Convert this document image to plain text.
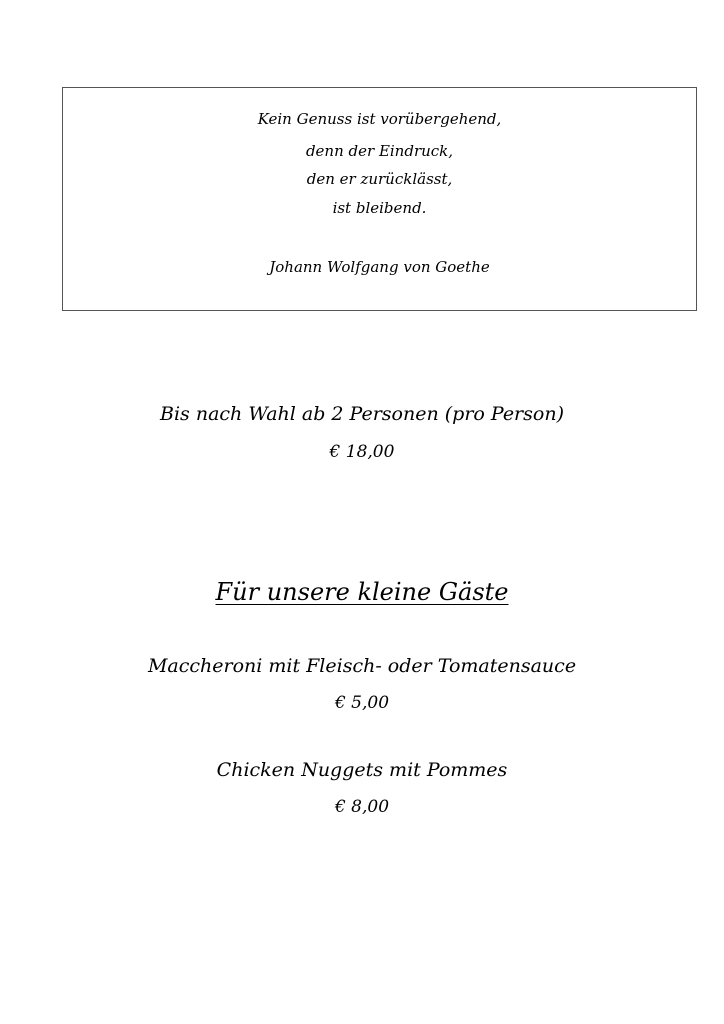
Kein Genuss ist vorübergehend,
denn der Eindruck,
den er zurücklässt,
ist bleibend.
Johann Wolfgang von Goethe
Bis nach Wahl ab 2 Personen (pro Person)
€ 18,00
Für unsere kleine Gäste
Maccheroni mit Fleisch- oder Tomatensauce
€ 5,00
Chicken Nuggets mit Pommes
€ 8,00
